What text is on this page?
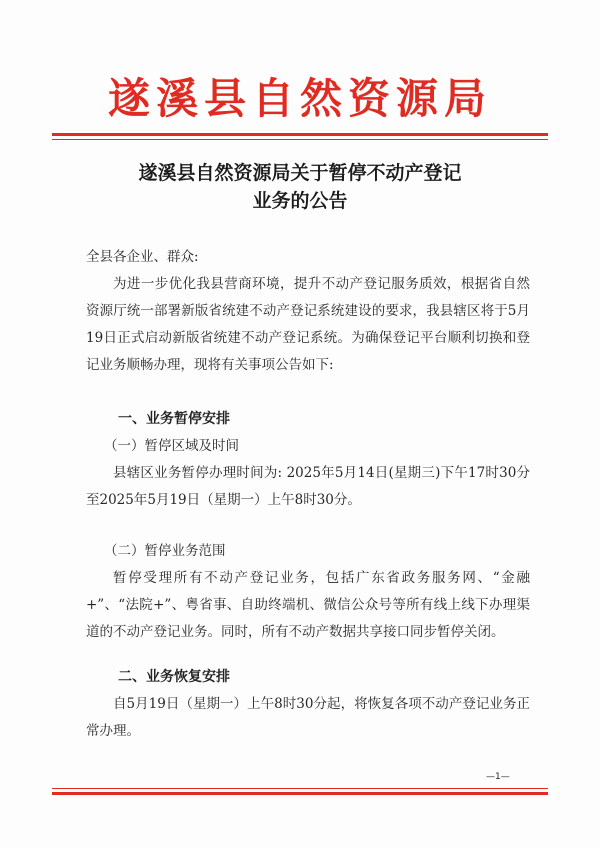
遂溪县自然资源局
遂溪县自然资源局关于暂停不动产登记
业务的公告
全县各企业、群众:
为进一步优化我县营商环境，提升不动产登记服务质效，根据省自然资源厅统一部署新版省统建不动产登记系统建设的要求，我县辖区将于5月19日正式启动新版省统建不动产登记系统。为确保登记平台顺利切换和登记业务顺畅办理，现将有关事项公告如下:
一、业务暂停安排
（一）暂停区域及时间
县辖区业务暂停办理时间为: 2025年5月14日(星期三)下午17时30分至2025年5月19日（星期一）上午8时30分。
（二）暂停业务范围
暂停受理所有不动产登记业务，包括广东省政务服务网、“金融+”、“法院+”、粤省事、自助终端机、微信公众号等所有线上线下办理渠道的不动产登记业务。同时，所有不动产数据共享接口同步暂停关闭。
二、业务恢复安排
自5月19日（星期一）上午8时30分起，将恢复各项不动产登记业务正常办理。
—1—
